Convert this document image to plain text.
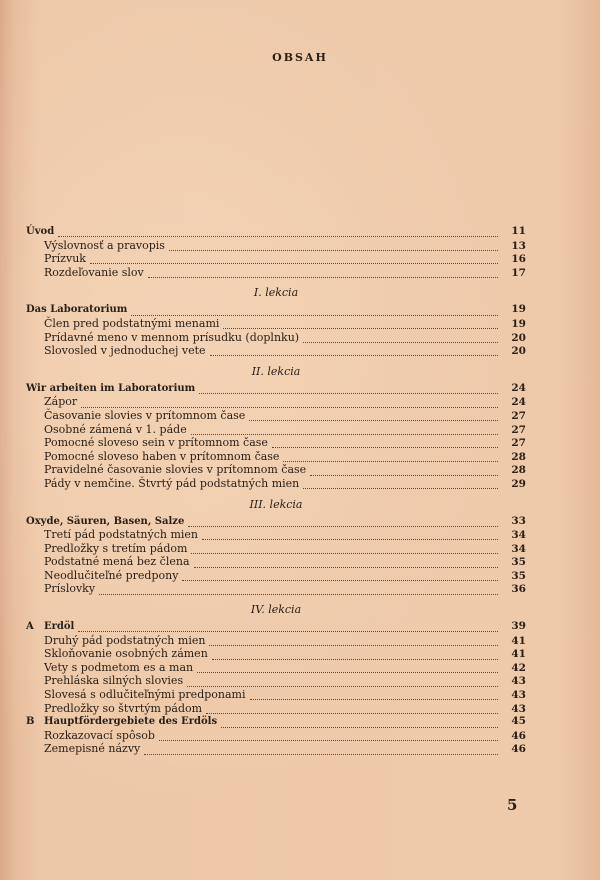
OBSAH
Úvod	11
Výslovnosť a pravopis	13
Prízvuk	16
Rozdeľovanie slov	17
I. lekcia
Das Laboratorium	19
Člen pred podstatnými menami	19
Prídavné meno v mennom prísudku (doplnku)	20
Slovosled v jednoduchej vete	20
II. lekcia
Wir arbeiten im Laboratorium	24
Zápor	24
Časovanie slovies v prítomnom čase	27
Osobné zámená v 1. páde	27
Pomocné sloveso sein v prítomnom čase	27
Pomocné sloveso haben v prítomnom čase	28
Pravidelné časovanie slovies v prítomnom čase	28
Pády v nemčine. Štvrtý pád podstatných mien	29
III. lekcia
Oxyde, Säuren, Basen, Salze	33
Tretí pád podstatných mien	34
Predložky s tretím pádom	34
Podstatné mená bez člena	35
Neodlučiteľné predpony	35
Príslovky	36
IV. lekcia
A Erdöl	39
Druhý pád podstatných mien	41
Skloňovanie osobných zámen	41
Vety s podmetom es a man	42
Prehláska silných slovies	43
Slovesá s odlučiteľnými predponami	43
Predložky so štvrtým pádom	43
B Hauptfördergebiete des Erdöls	45
Rozkazovací spôsob	46
Zemepisné názvy	46
5
